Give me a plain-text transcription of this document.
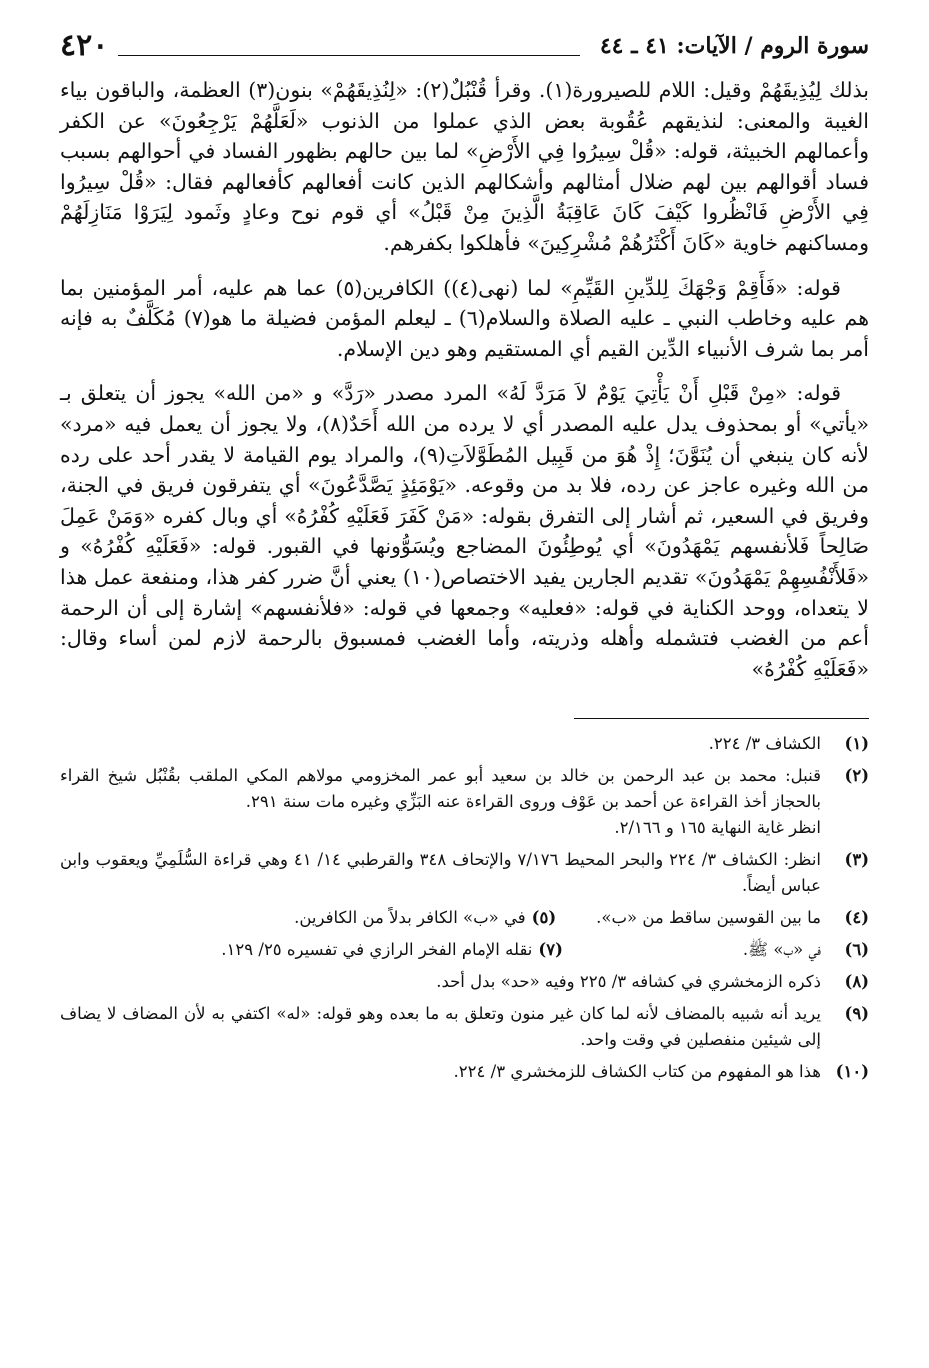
سورة الروم / الآيات: ٤١ ـ ٤٤
٤٢٠

بذلك لِيُذِيقَهُمْ وقيل: اللام للصيرورة(١). وقرأ قُنْبُلٌ(٢): «لِنُذِيقَهُمْ» بنون(٣) العظمة، والباقون بياء الغيبة والمعنى: لنذيقهم عُقُوبة بعض الذي عملوا من الذنوب «لَعَلَّهُمْ يَرْجِعُونَ» عن الكفر وأعمالهم الخبيثة، قوله: «قُلْ سِيرُوا فِي الأَرْضِ» لما بين حالهم بظهور الفساد في أحوالهم بسبب فساد أقوالهم بين لهم ضلال أمثالهم وأشكالهم الذين كانت أفعالهم كأفعالهم فقال: «قُلْ سِيرُوا فِي الأَرْضِ فَانْظُروا كَيْفَ كَانَ عَاقِبَةُ الَّذِينَ مِنْ قَبْلُ» أي قوم نوح وعادٍ وثَمود لِيَرَوْا مَنَازِلَهُمْ ومساكنهم خاوية «كَانَ أَكْثَرُهُمْ مُشْرِكِينَ» فأهلكوا بكفرهم.

قوله: «فَأَقِمْ وَجْهَكَ لِلدِّينِ القَيِّمِ» لما (نهى(٤)) الكافرين(٥) عما هم عليه، أمر المؤمنين بما هم عليه وخاطب النبي ـ عليه الصلاة والسلام(٦) ـ ليعلم المؤمن فضيلة ما هو(٧) مُكَلَّفٌ به فإنه أمر بما شرف الأنبياء الدِّين القيم أي المستقيم وهو دين الإسلام.

قوله: «مِنْ قَبْلِ أَنْ يَأْتِيَ يَوْمٌ لاَ مَرَدَّ لَهُ» المرد مصدر «رَدَّ» و «من الله» يجوز أن يتعلق بـ «يأتي» أو بمحذوف يدل عليه المصدر أي لا يرده من الله أَحَدٌ(٨)، ولا يجوز أن يعمل فيه «مرد» لأنه كان ينبغي أن يُنَوَّنَ؛ إِذْ هُوَ من قَبِيل المُطَوَّلاَتِ(٩)، والمراد يوم القيامة لا يقدر أحد على رده من الله وغيره عاجز عن رده، فلا بد من وقوعه. «يَوْمَئِذٍ يَصَّدَّعُونَ» أي يتفرقون فريق في الجنة، وفريق في السعير، ثم أشار إلى التفرق بقوله: «مَنْ كَفَرَ فَعَلَيْهِ كُفْرُهُ» أي وبال كفره «وَمَنْ عَمِلَ صَالِحاً فَلأنفسهم يَمْهَدُونَ» أي يُوطِئُونَ المضاجع ويُسَوُّونها في القبور. قوله: «فَعَلَيْهِ كُفْرُهُ» و «فَلأَنْفُسِهِمْ يَمْهَدُونَ» تقديم الجارين يفيد الاختصاص(١٠) يعني أنَّ ضرر كفر هذا، ومنفعة عمل هذا لا يتعداه، ووحد الكناية في قوله: «فعليه» وجمعها في قوله: «فلأنفسهم» إشارة إلى أن الرحمة أعم من الغضب فتشمله وأهله وذريته، وأما الغضب فمسبوق بالرحمة لازم لمن أساء وقال: «فَعَلَيْهِ كُفْرُهُ»

(١)
الكشاف ٣/ ٢٢٤.
(٢)
قنبل: محمد بن عبد الرحمن بن خالد بن سعيد أبو عمر المخزومي مولاهم المكي الملقب بقُنْبُل شيخ القراء بالحجاز أخذ القراءة عن أحمد بن عَوْف وروى القراءة عنه البَزِّي وغيره مات سنة ٢٩١.
انظر غاية النهاية ١٦٥ و ٢/١٦٦.
(٣)
انظر: الكشاف ٣/ ٢٢٤ والبحر المحيط ٧/١٧٦ والإتحاف ٣٤٨ والقرطبي ١٤/ ٤١ وهي قراءة السُّلَمِيِّ ويعقوب وابن عباس أيضاً.
(٤)
ما بين القوسين ساقط من «ب».
(٥)
في «ب» الكافر بدلاً من الكافرين.
(٦)
في «ب» ﷺ.
(٧)
نقله الإمام الفخر الرازي في تفسيره ٢٥/ ١٢٩.
(٨)
ذكره الزمخشري في كشافه ٣/ ٢٢٥ وفيه «حد» بدل أحد.
(٩)
يريد أنه شبيه بالمضاف لأنه لما كان غير منون وتعلق به ما بعده وهو قوله: «له» اكتفي به لأن المضاف لا يضاف إلى شيئين منفصلين في وقت واحد.
(١٠)
هذا هو المفهوم من كتاب الكشاف للزمخشري ٣/ ٢٢٤.
